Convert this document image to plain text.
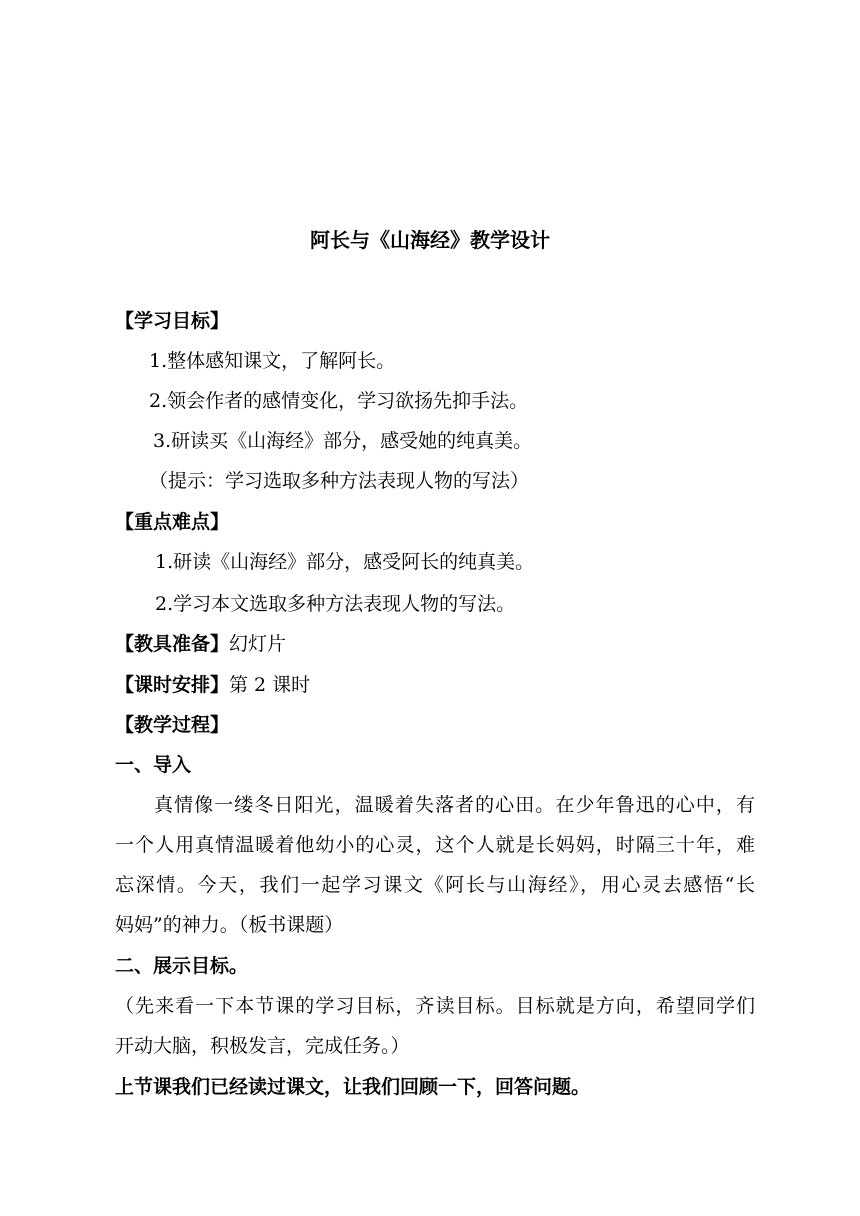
阿长与《山海经》教学设计
【学习目标】
1.整体感知课文，了解阿长。
2.领会作者的感情变化，学习欲扬先抑手法。
3.研读买《山海经》部分，感受她的纯真美。
（提示：学习选取多种方法表现人物的写法）
【重点难点】
1.研读《山海经》部分，感受阿长的纯真美。
2.学习本文选取多种方法表现人物的写法。
【教具准备】幻灯片
【课时安排】第 2 课时
【教学过程】
一、导入
真情像一缕冬日阳光，温暖着失落者的心田。在少年鲁迅的心中，有
一个人用真情温暖着他幼小的心灵，这个人就是长妈妈，时隔三十年，难
忘深情。今天，我们一起学习课文《阿长与山海经》，用心灵去感悟“长
妈妈”的神力。（板书课题）
二、展示目标。
（先来看一下本节课的学习目标，齐读目标。目标就是方向，希望同学们
开动大脑，积极发言，完成任务。）
上节课我们已经读过课文，让我们回顾一下，回答问题。
